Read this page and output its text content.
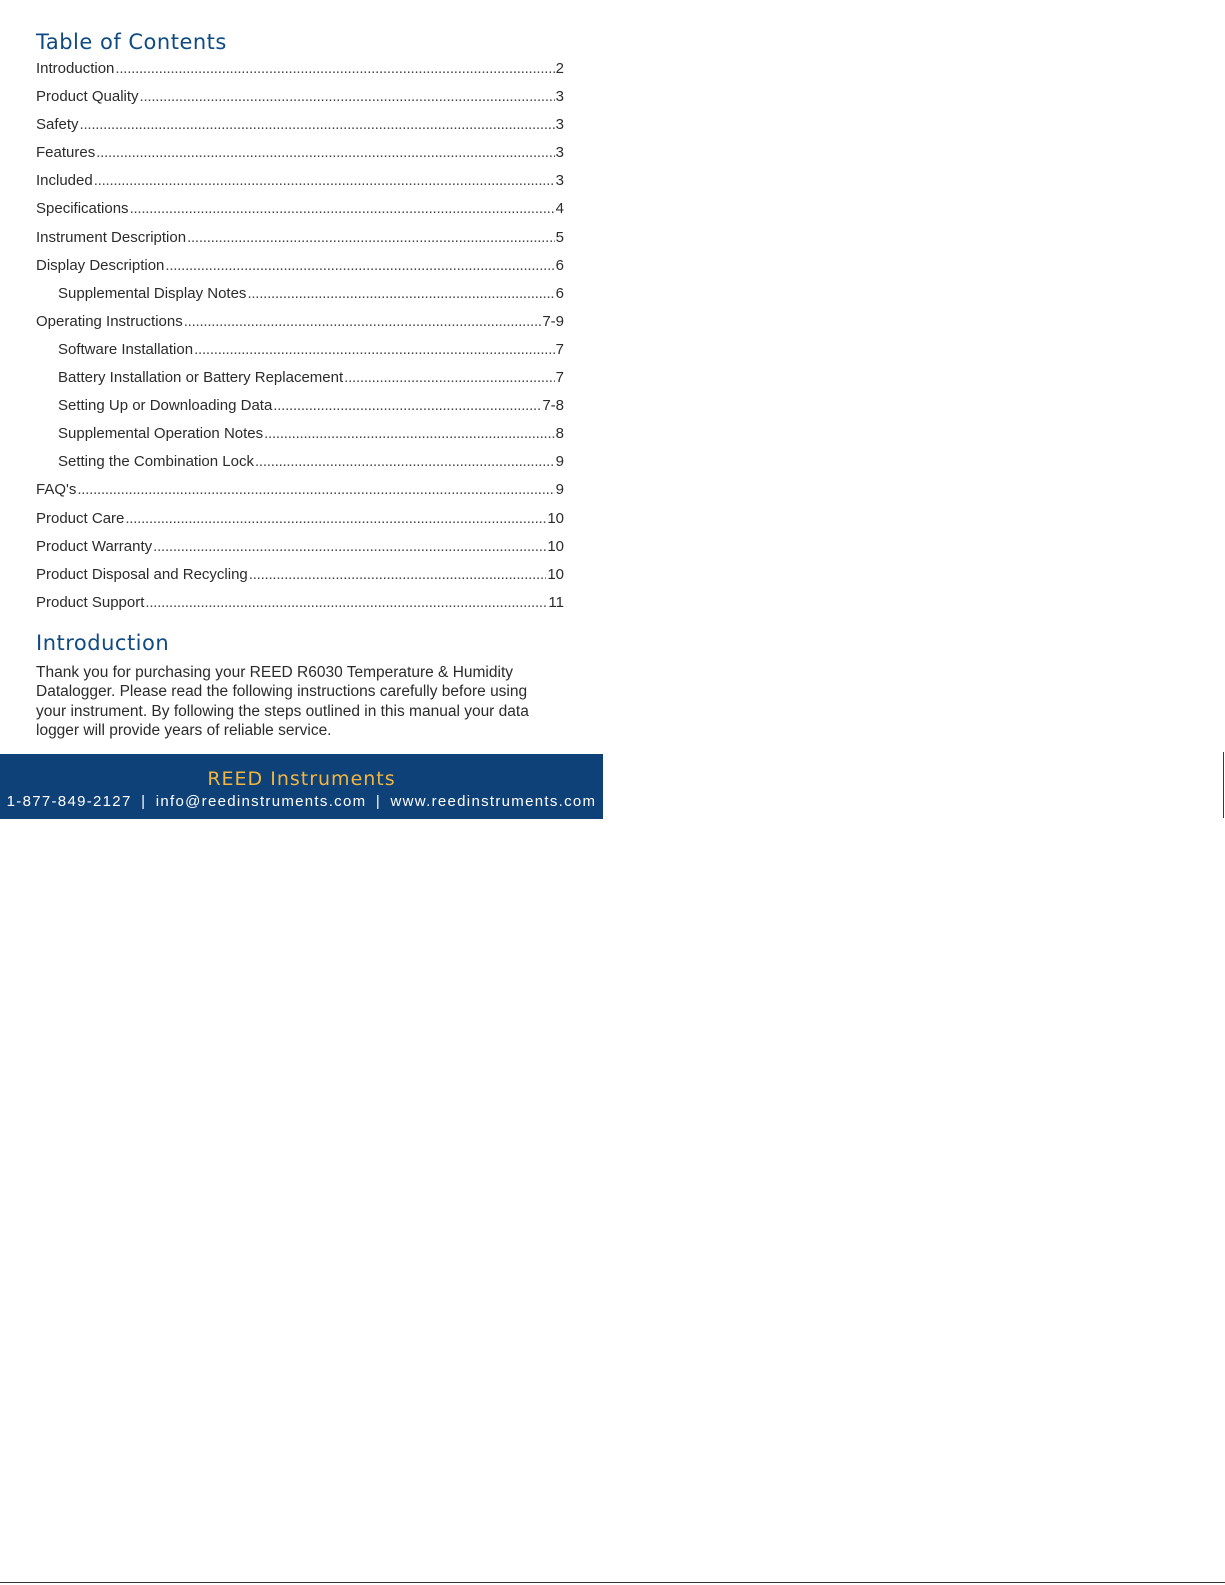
Table of Contents
Introduction . . .	2
Product Quality . . .	3
Safety . . .	3
Features . . .	3
Included . . .	3
Specifications . . .	4
Instrument Description . . .	5
Display Description . . .	6
Supplemental Display Notes . . .	6
Operating Instructions . . .	7-9
Software Installation . . .	7
Battery Installation or Battery Replacement . . .	7
Setting Up or Downloading Data . . .	7-8
Supplemental Operation Notes . . .	8
Setting the Combination Lock . . .	9
FAQ's . . .	9
Product Care . . .	10
Product Warranty . . .	10
Product Disposal and Recycling . . .	10
Product Support . . .	11
Introduction

Thank you for purchasing your REED R6030 Temperature & Humidity Datalogger. Please read the following instructions carefully before using your instrument. By following the steps outlined in this manual your data logger will provide years of reliable service.

REED Instruments
1-877-849-2127 | info@reedinstruments.com | www.reedinstruments.com
